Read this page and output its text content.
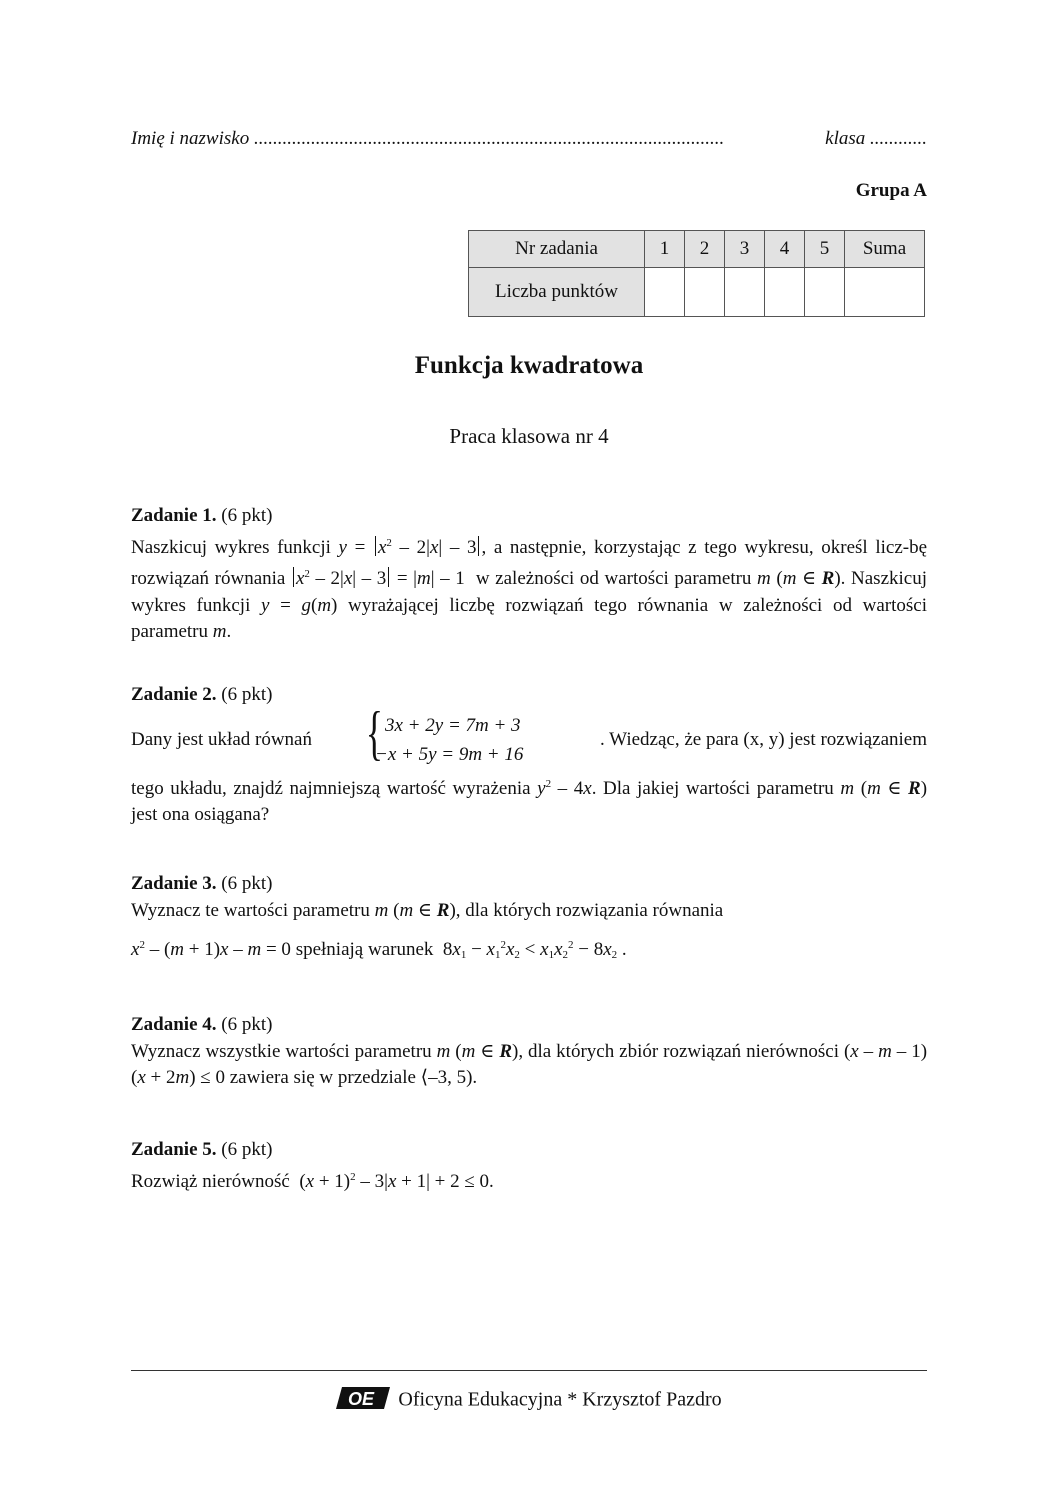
Imię i nazwisko ...................................................................................................	klasa ............
Grupa A
Nr zadania	1	2	3	4	5	Suma
Liczba punktów						
Funkcja kwadratowa
Praca klasowa nr 4
Zadanie 1. (6 pkt)
Naszkicuj wykres funkcji $y = x^2 - 2|x| - 3$ , a następnie, korzystając z tego wykresu, określ licz-bę rozwiązań równania $x^2 - 2|x| - 3 = |m| - 1$  w zależności od wartości parametru m (m ∈ R). Naszkicuj wykres funkcji y = g(m) wyrażającej liczbę rozwiązań tego równania w zależności od wartości parametru m.
Zadanie 2. (6 pkt)
Dany jest układ równań { 3x + 2y = 7m + 3
−x + 5y = 9m + 16
. Wiedząc, że para (x, y) jest rozwiązaniem
tego układu, znajdź najmniejszą wartość wyrażenia $y^2 - 4x$. Dla jakiej wartości parametru m (m ∈ R) jest ona osiągana?
Zadanie 3. (6 pkt)
Wyznacz te wartości parametru m (m ∈ R), dla których rozwiązania równania
$x^2 - (m + 1)x - m = 0$ spełniają warunek  $8x_1 - x_1^2x_2 < x_1x_2^2 - 8x_2$ .
Zadanie 4. (6 pkt)
Wyznacz wszystkie wartości parametru m (m ∈ R), dla których zbiór rozwiązań nierówności (x – m – 1)(x + 2m) ≤ 0 zawiera się w przedziale ⟨–3, 5).
Zadanie 5. (6 pkt)
Rozwiąż nierówność  $(x + 1)^2 - 3|x + 1| + 2 \le 0$.
OE Oficyna Edukacyjna * Krzysztof Pazdro
